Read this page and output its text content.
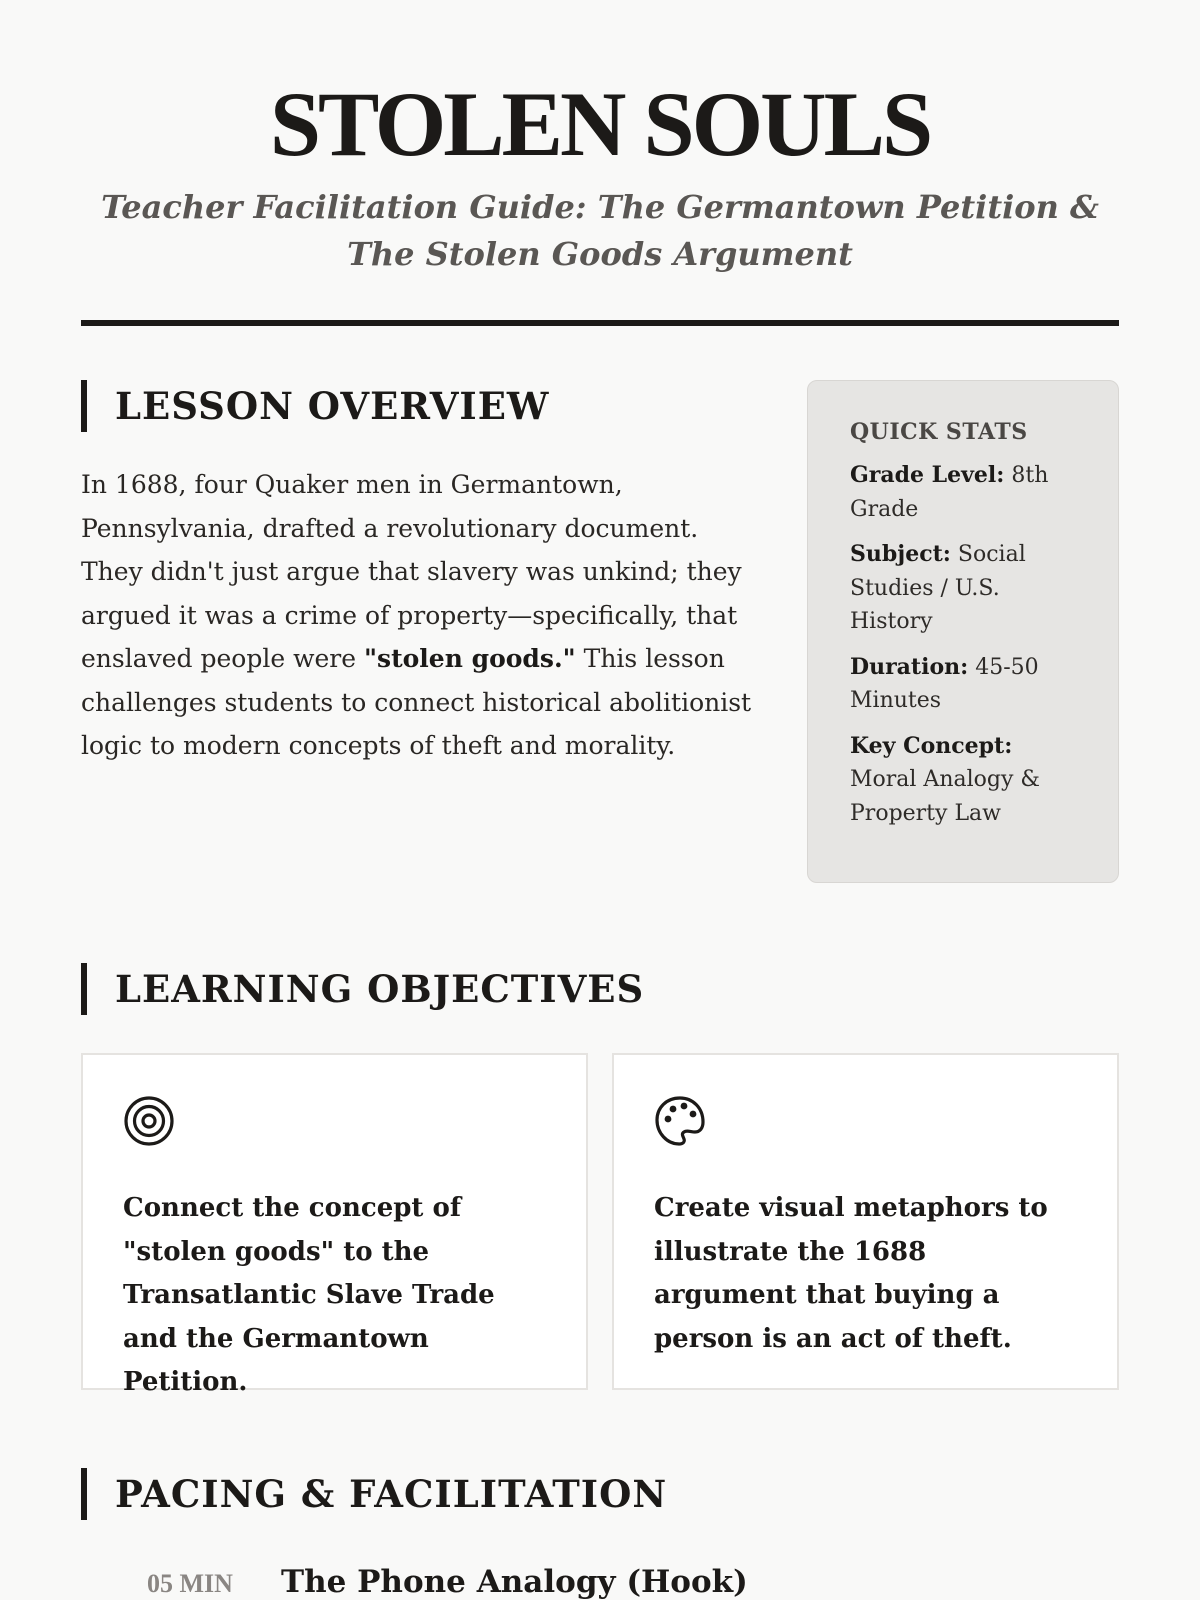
STOLEN SOULS

Teacher Facilitation Guide: The Germantown Petition & The Stolen Goods Argument

LESSON OVERVIEW

In 1688, four Quaker men in Germantown, Pennsylvania, drafted a revolutionary document. They didn't just argue that slavery was unkind; they argued it was a crime of property—specifically, that enslaved people were "stolen goods." This lesson challenges students to connect historical abolitionist logic to modern concepts of theft and morality.

QUICK STATS
Grade Level: 8th Grade
Subject: Social Studies / U.S. History
Duration: 45-50 Minutes
Key Concept: Moral Analogy & Property Law
LEARNING OBJECTIVES

Connect the concept of "stolen goods" to the Transatlantic Slave Trade and the Germantown Petition.

Create visual metaphors to illustrate the 1688 argument that buying a person is an act of theft.

PACING & FACILITATION
05 MIN	The Phone Analogy (Hook)
